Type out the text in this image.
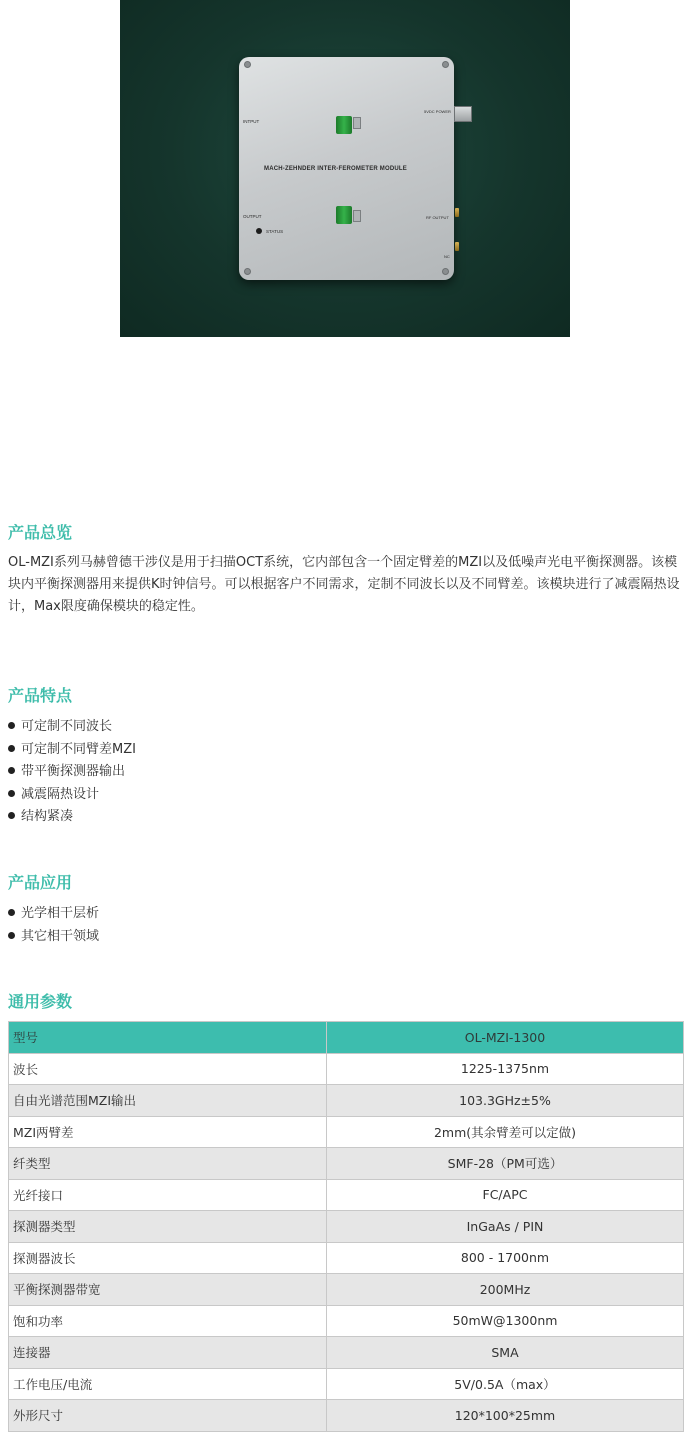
INTPUT
OUTPUT
MACH-ZEHNDER INTER-FEROMETER MODULE
STATUS
5VDC POWER
RF OUTPUT
NC
产品总览

OL-MZI系列马赫曾德干涉仪是用于扫描OCT系统，它内部包含一个固定臂差的MZI以及低噪声光电平衡探测器。该模块内平衡探测器用来提供K时钟信号。可以根据客户不同需求，定制不同波长以及不同臂差。该模块进行了减震隔热设计，Max限度确保模块的稳定性。

产品特点
可定制不同波长
可定制不同臂差MZI
带平衡探测器输出
减震隔热设计
结构紧凑
产品应用
光学相干层析
其它相干领域
通用参数
型号	OL-MZI-1300
波长	1225-1375nm
自由光谱范围MZI输出	103.3GHz±5%
MZI两臂差	2mm(其余臂差可以定做)
纤类型	SMF-28（PM可选）
光纤接口	FC/APC
探测器类型	InGaAs / PIN
探测器波长	800 - 1700nm
平衡探测器带宽	200MHz
饱和功率	50mW@1300nm
连接器	SMA
工作电压/电流	5V/0.5A（max）
外形尺寸	120*100*25mm
